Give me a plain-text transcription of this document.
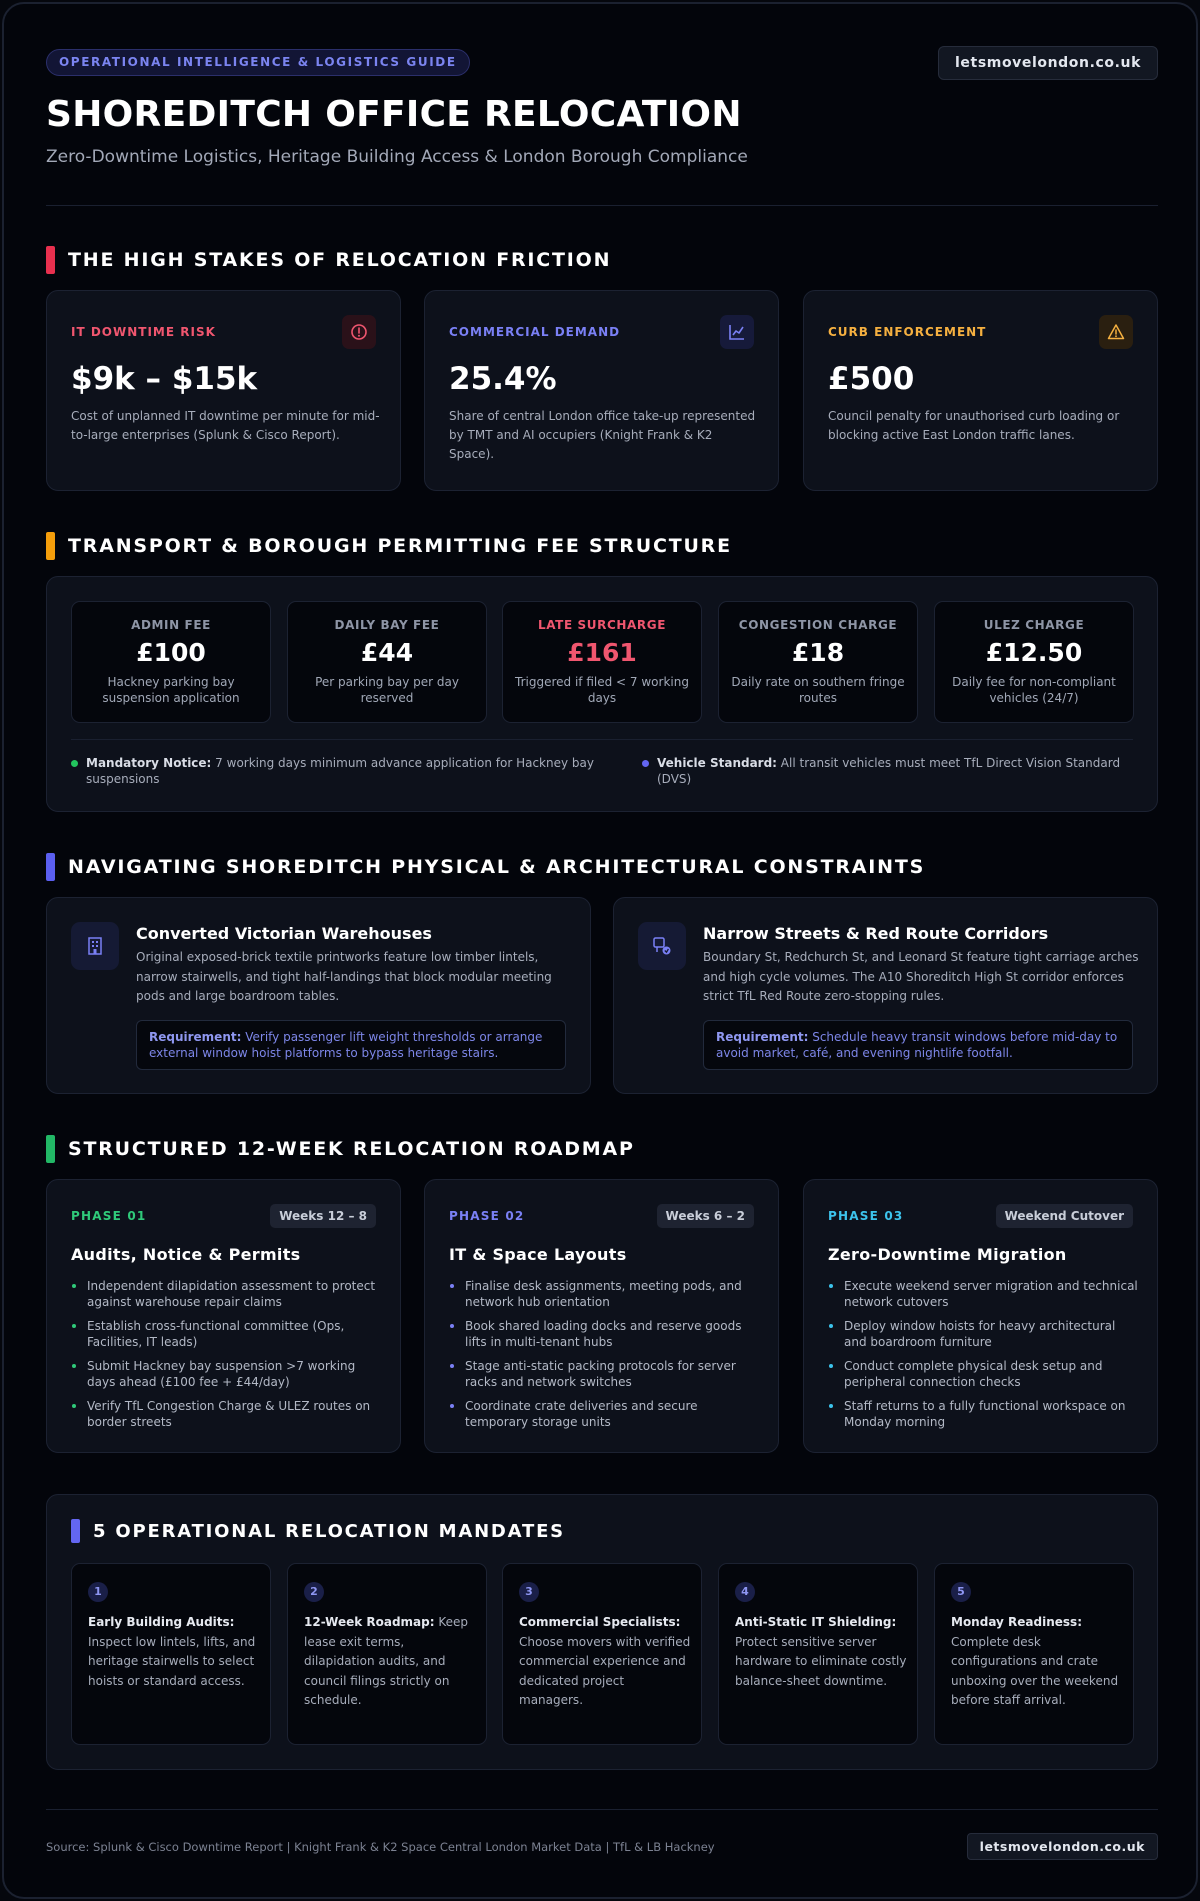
OPERATIONAL INTELLIGENCE & LOGISTICS GUIDE	letsmovelondon.co.uk
SHOREDITCH OFFICE RELOCATION
Zero-Downtime Logistics, Heritage Building Access & London Borough Compliance
THE HIGH STAKES OF RELOCATION FRICTION
IT DOWNTIME RISK
$9k – $15k
Cost of unplanned IT downtime per minute for mid-to-large enterprises (Splunk & Cisco Report).
COMMERCIAL DEMAND
25.4%
Share of central London office take-up represented by TMT and AI occupiers (Knight Frank & K2 Space).
CURB ENFORCEMENT
£500
Council penalty for unauthorised curb loading or blocking active East London traffic lanes.
TRANSPORT & BOROUGH PERMITTING FEE STRUCTURE
ADMIN FEE
£100
Hackney parking bay suspension application
DAILY BAY FEE
£44
Per parking bay per day reserved
LATE SURCHARGE
£161
Triggered if filed < 7 working days
CONGESTION CHARGE
£18
Daily rate on southern fringe routes
ULEZ CHARGE
£12.50
Daily fee for non-compliant vehicles (24/7)
Mandatory Notice: 7 working days minimum advance application for Hackney bay suspensions
Vehicle Standard: All transit vehicles must meet TfL Direct Vision Standard (DVS)
NAVIGATING SHOREDITCH PHYSICAL & ARCHITECTURAL CONSTRAINTS
Converted Victorian Warehouses
Original exposed-brick textile printworks feature low timber lintels, narrow stairwells, and tight half-landings that block modular meeting pods and large boardroom tables.
Requirement: Verify passenger lift weight thresholds or arrange external window hoist platforms to bypass heritage stairs.
Narrow Streets & Red Route Corridors
Boundary St, Redchurch St, and Leonard St feature tight carriage arches and high cycle volumes. The A10 Shoreditch High St corridor enforces strict TfL Red Route zero-stopping rules.
Requirement: Schedule heavy transit windows before mid-day to avoid market, café, and evening nightlife footfall.
STRUCTURED 12-WEEK RELOCATION ROADMAP
PHASE 01	Weeks 12 – 8
Audits, Notice & Permits
Independent dilapidation assessment to protect against warehouse repair claims
Establish cross-functional committee (Ops, Facilities, IT leads)
Submit Hackney bay suspension >7 working days ahead (£100 fee + £44/day)
Verify TfL Congestion Charge & ULEZ routes on border streets
PHASE 02	Weeks 6 – 2
IT & Space Layouts
Finalise desk assignments, meeting pods, and network hub orientation
Book shared loading docks and reserve goods lifts in multi-tenant hubs
Stage anti-static packing protocols for server racks and network switches
Coordinate crate deliveries and secure temporary storage units
PHASE 03	Weekend Cutover
Zero-Downtime Migration
Execute weekend server migration and technical network cutovers
Deploy window hoists for heavy architectural and boardroom furniture
Conduct complete physical desk setup and peripheral connection checks
Staff returns to a fully functional workspace on Monday morning
5 OPERATIONAL RELOCATION MANDATES
1
Early Building Audits: Inspect low lintels, lifts, and heritage stairwells to select hoists or standard access.
2
12-Week Roadmap: Keep lease exit terms, dilapidation audits, and council filings strictly on schedule.
3
Commercial Specialists: Choose movers with verified commercial experience and dedicated project managers.
4
Anti-Static IT Shielding: Protect sensitive server hardware to eliminate costly balance-sheet downtime.
5
Monday Readiness: Complete desk configurations and crate unboxing over the weekend before staff arrival.
Source: Splunk & Cisco Downtime Report | Knight Frank & K2 Space Central London Market Data | TfL & LB Hackney	letsmovelondon.co.uk
